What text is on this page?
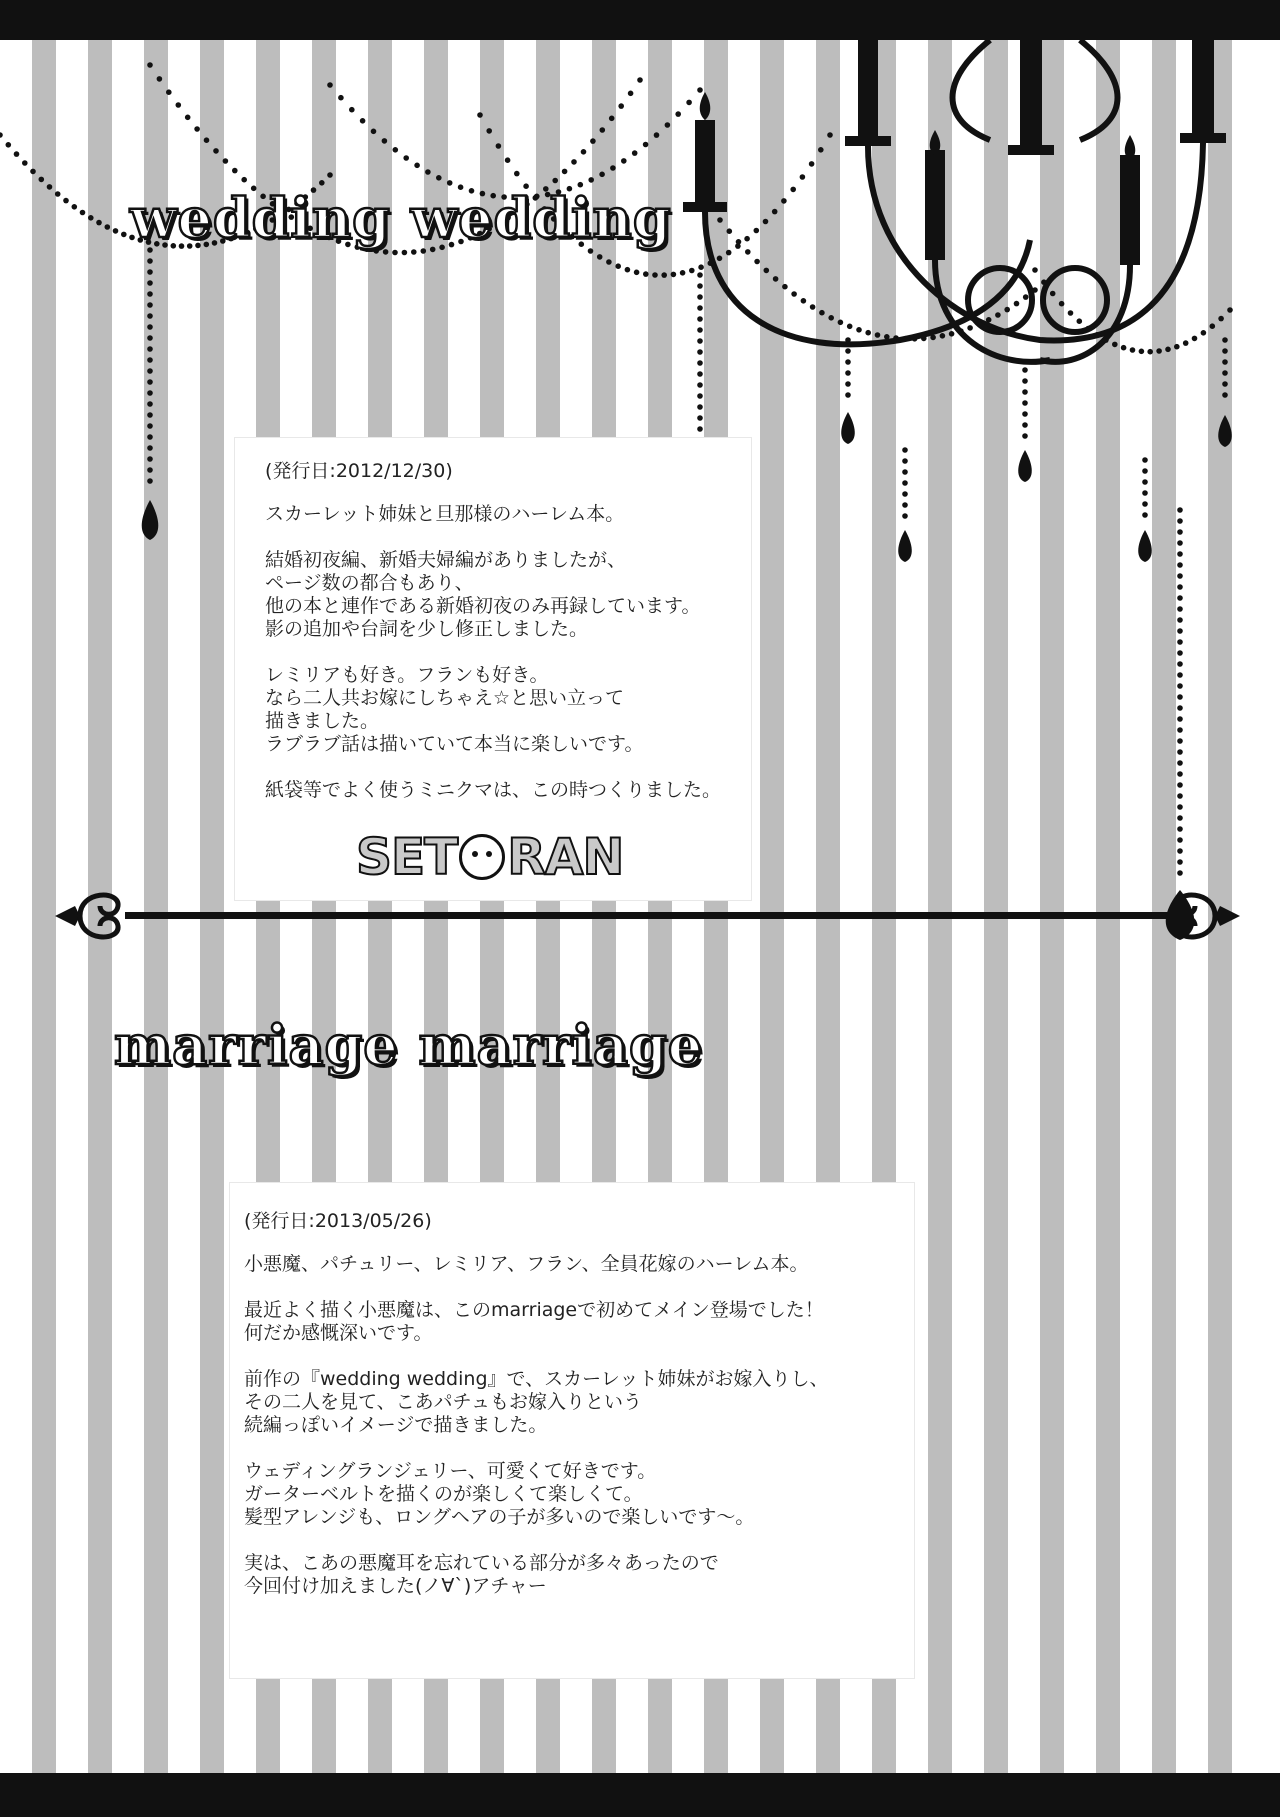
wedding wedding
(発行日:2012/12/30)

スカーレット姉妹と旦那様のハーレム本。

結婚初夜編、新婚夫婦編がありましたが、
ページ数の都合もあり、
他の本と連作である新婚初夜のみ再録しています。
影の追加や台詞を少し修正しました。

レミリアも好き。フランも好き。
なら二人共お嫁にしちゃえ☆と思い立って
描きました。
ラブラブ話は描いていて本当に楽しいです。

紙袋等でよく使うミニクマは、この時つくりました。

SET RAN
marriage marriage
(発行日:2013/05/26)

小悪魔、パチュリー、レミリア、フラン、全員花嫁のハーレム本。

最近よく描く小悪魔は、このmarriageで初めてメイン登場でした！
何だか感慨深いです。

前作の『wedding wedding』で、スカーレット姉妹がお嫁入りし、
その二人を見て、こあパチュもお嫁入りという
続編っぽいイメージで描きました。

ウェディングランジェリー、可愛くて好きです。
ガーターベルトを描くのが楽しくて楽しくて。
髪型アレンジも、ロングヘアの子が多いので楽しいです〜。

実は、こあの悪魔耳を忘れている部分が多々あったので
今回付け加えました(ノ∀`)アチャー
